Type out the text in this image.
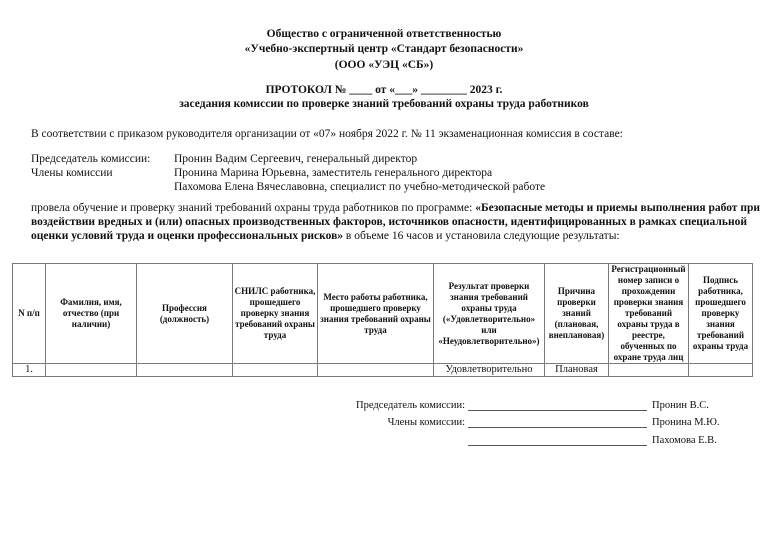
Общество с ограниченной ответственностью
«Учебно-экспертный центр «Стандарт безопасности»
(ООО «УЭЦ «СБ»)
ПРОТОКОЛ № ____ от «___» ________ 2023 г.
заседания комиссии по проверке знаний требований охраны труда работников
В соответствии с приказом руководителя организации от «07» ноября 2022 г. № 11 экзаменационная комиссия в составе:
Председатель комиссии: Пронин Вадим Сергеевич, генеральный директор
Члены комиссии	Пронина Марина Юрьевна, заместитель генерального директора
Пахомова Елена Вячеславовна, специалист по учебно-методической работе
провела обучение и проверку знаний требований охраны труда работников по программе: «Безопасные методы и приемы выполнения работ при
воздействии вредных и (или) опасных производственных факторов, источников опасности, идентифицированных в рамках специальной
оценки условий труда и оценки профессиональных рисков» в объеме 16 часов и установила следующие результаты:
N п/п	Фамилия, имя, отчество (при наличии)	Профессия (должность)	СНИЛС работника, прошедшего проверку знания требований охраны труда	Место работы работника, прошедшего проверку знания требований охраны труда	Результат проверки знания требований охраны труда («Удовлетворительно» или «Неудовлетворительно»)	Причина проверки знаний (плановая, внеплановая)	Регистрационный номер записи о прохождении проверки знания требований охраны труда в реестре, обученных по охране труда лиц	Подпись работника, прошедшего проверку знания требований охраны труда
1.					Удовлетворительно	Плановая		
Председатель комиссии:	Пронин В.С.
Члены комиссии:	Пронина М.Ю.
Пахомова Е.В.
